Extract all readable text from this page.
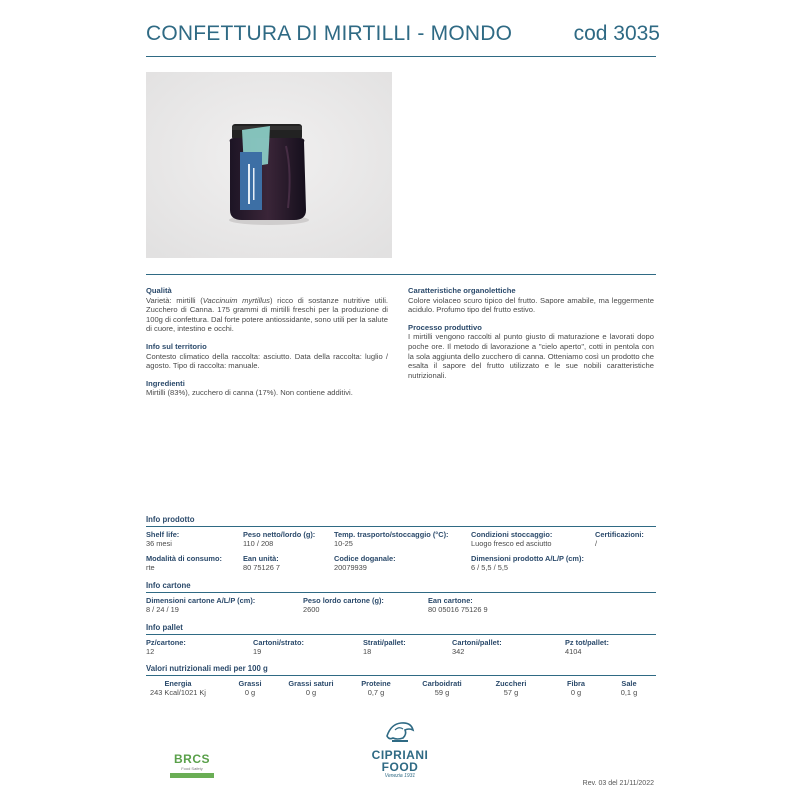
CONFETTURA DI MIRTILLI - MONDO	cod 3035
Qualità
Varietà: mirtilli (Vaccinuim myrtillus) ricco di sostanze nutritive utili. Zucchero di Canna. 175 grammi di mirtilli freschi per la produzione di 100g di confettura. Dal forte potere antiossidante, sono utili per la salute di cuore, intestino e occhi.
Info sul territorio
Contesto climatico della raccolta: asciutto. Data della raccolta: luglio / agosto. Tipo di raccolta: manuale.
Ingredienti
Mirtilli (83%), zucchero di canna (17%). Non contiene additivi.
Caratteristiche organolettiche
Colore violaceo scuro tipico del frutto. Sapore amabile, ma leggermente acidulo. Profumo tipo del frutto estivo.
Processo produttivo
I mirtilli vengono raccolti al punto giusto di maturazione e lavorati dopo poche ore. Il metodo di lavorazione a "cielo aperto", cotti in pentola con la sola aggiunta dello zucchero di canna. Otteniamo così un prodotto che esalta il sapore del frutto utilizzato e le sue nobili caratteristiche nutrizionali.
Info prodotto
Shelf life:
36 mesi
Peso netto/lordo (g):
110 / 208
Temp. trasporto/stoccaggio (°C):
10-25
Condizioni stoccaggio:
Luogo fresco ed asciutto
Certificazioni:
/
Modalità di consumo:
rte
Ean unità:
80 75126 7
Codice doganale:
20079939
Dimensioni prodotto A/L/P (cm):
6 / 5,5 / 5,5
Info cartone
Dimensioni cartone A/L/P (cm):
8 / 24 / 19
Peso lordo cartone (g):
2600
Ean cartone:
80 05016 75126 9
Info pallet
Pz/cartone:
12
Cartoni/strato:
19
Strati/pallet:
18
Cartoni/pallet:
342
Pz tot/pallet:
4104
Valori nutrizionali medi per 100 g
Energia
243 Kcal/1021 Kj
Grassi
0 g
Grassi saturi
0 g
Proteine
0,7 g
Carboidrati
59 g
Zuccheri
57 g
Fibra
0 g
Sale
0,1 g
BRCS
Food Safety
CIPRIANI
FOOD
Venezia 1931
Rev. 03 del 21/11/2022
